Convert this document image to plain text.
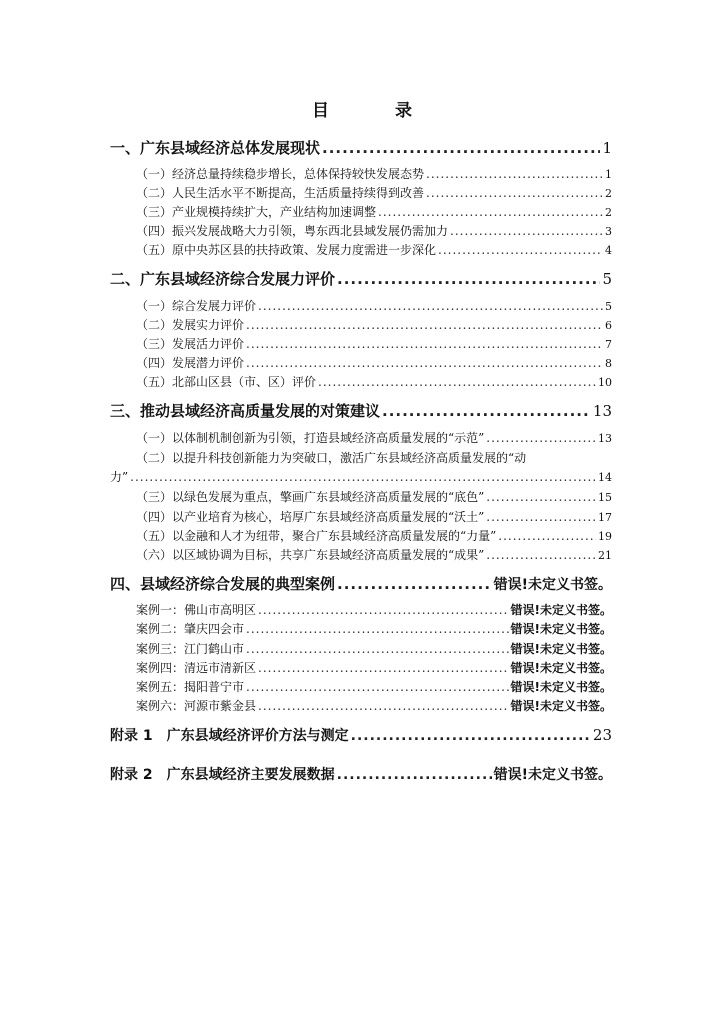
目 录
一、广东县域经济总体发展现状 .....	1
（一）经济总量持续稳步增长，总体保持较快发展态势 .....	1
（二）人民生活水平不断提高，生活质量持续得到改善 .....	2
（三）产业规模持续扩大，产业结构加速调整 .....	2
（四）振兴发展战略大力引领，粤东西北县域发展仍需加力 .....	3
（五）原中央苏区县的扶持政策、发展力度需进一步深化 .....	4
二、广东县域经济综合发展力评价 .....	5
（一）综合发展力评价 .....	5
（二）发展实力评价 .....	6
（三）发展活力评价 .....	7
（四）发展潜力评价 .....	8
（五）北部山区县（市、区）评价 .....	10
三、推动县域经济高质量发展的对策建议 .....	13
（一）以体制机制创新为引领，打造县域经济高质量发展的“示范” .....	13
（二）以提升科技创新能力为突破口，激活广东县域经济高质量发展的“动
力” .....	14
（三）以绿色发展为重点，擎画广东县域经济高质量发展的“底色” .....	15
（四）以产业培育为核心，培厚广东县域经济高质量发展的“沃土” .....	17
（五）以金融和人才为纽带，聚合广东县域经济高质量发展的“力量” .....	19
（六）以区域协调为目标，共享广东县域经济高质量发展的“成果” .....	21
四、县域经济综合发展的典型案例 .....	错误!未定义书签。
案例一：佛山市高明区 .....	错误!未定义书签。
案例二：肇庆四会市 .....	错误!未定义书签。
案例三：江门鹤山市 .....	错误!未定义书签。
案例四：清远市清新区 .....	错误!未定义书签。
案例五：揭阳普宁市 .....	错误!未定义书签。
案例六：河源市紫金县 .....	错误!未定义书签。
附录 1　广东县域经济评价方法与测定 .....	23
附录 2　广东县域经济主要发展数据 .....	错误!未定义书签。
